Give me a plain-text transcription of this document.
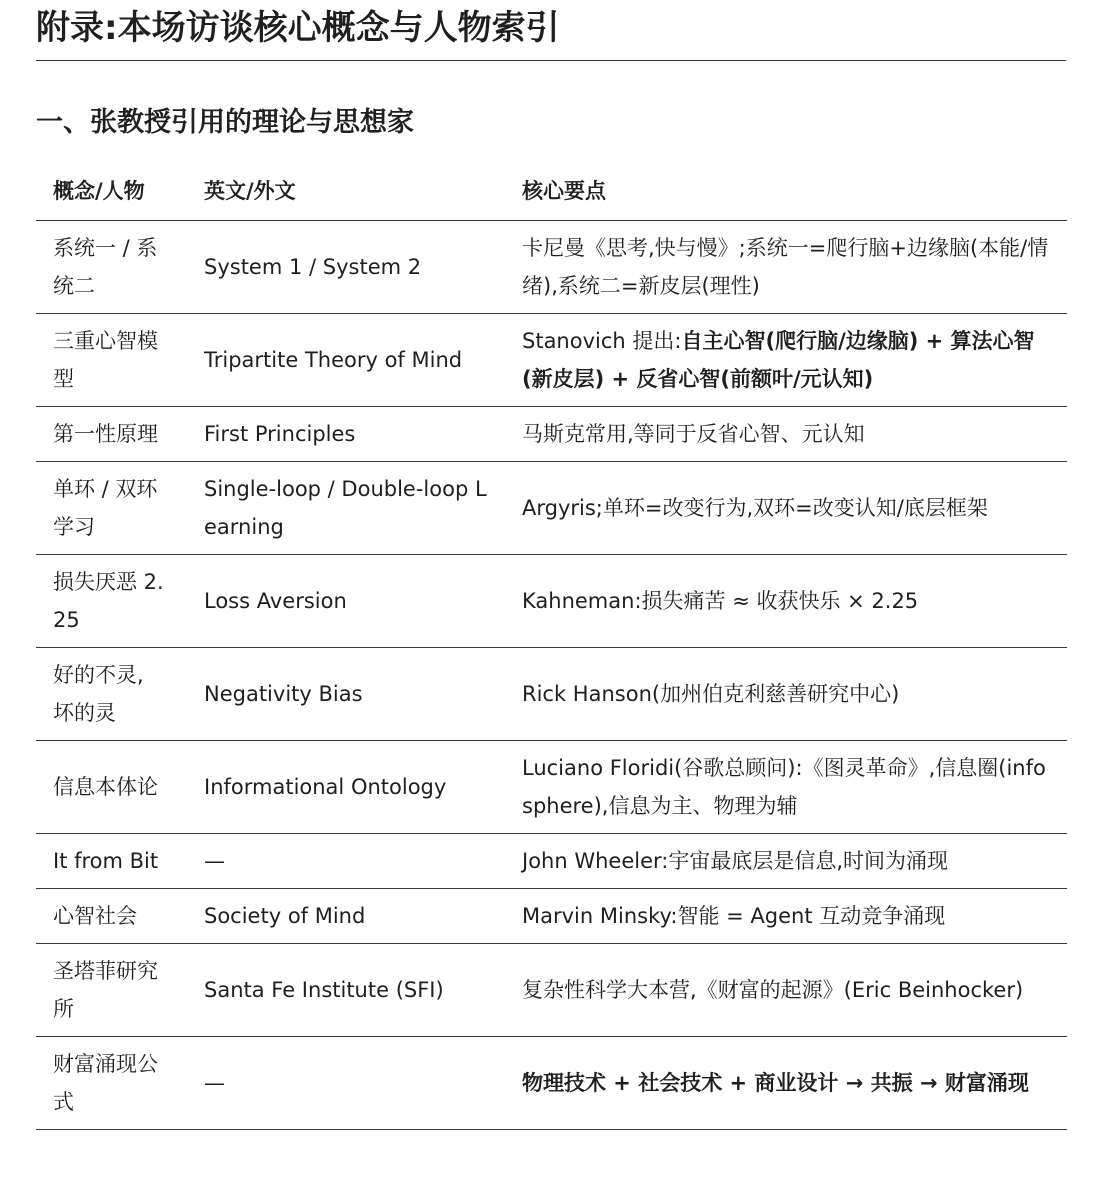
附录:本场访谈核心概念与人物索引
一、张教授引用的理论与思想家
概念/人物	英文/外文	核心要点
系统一 / 系统二	System 1 / System 2	卡尼曼《思考,快与慢》;系统一=爬行脑+边缘脑(本能/情绪),系统二=新皮层(理性)
三重心智模型	Tripartite Theory of Mind	Stanovich 提出:自主心智(爬行脑/边缘脑) + 算法心智(新皮层) + 反省心智(前额叶/元认知)
第一性原理	First Principles	马斯克常用,等同于反省心智、元认知
单环 / 双环学习	Single-loop / Double-loop Learning	Argyris;单环=改变行为,双环=改变认知/底层框架
损失厌恶 2.25	Loss Aversion	Kahneman:损失痛苦 ≈ 收获快乐 × 2.25
好的不灵, 坏的灵	Negativity Bias	Rick Hanson(加州伯克利慈善研究中心)
信息本体论	Informational Ontology	Luciano Floridi(谷歌总顾问):《图灵革命》,信息圈(infosphere),信息为主、物理为辅
It from Bit	—	John Wheeler:宇宙最底层是信息,时间为涌现
心智社会	Society of Mind	Marvin Minsky:智能 = Agent 互动竞争涌现
圣塔菲研究所	Santa Fe Institute (SFI)	复杂性科学大本营,《财富的起源》(Eric Beinhocker)
财富涌现公式	—	物理技术 + 社会技术 + 商业设计 → 共振 → 财富涌现
